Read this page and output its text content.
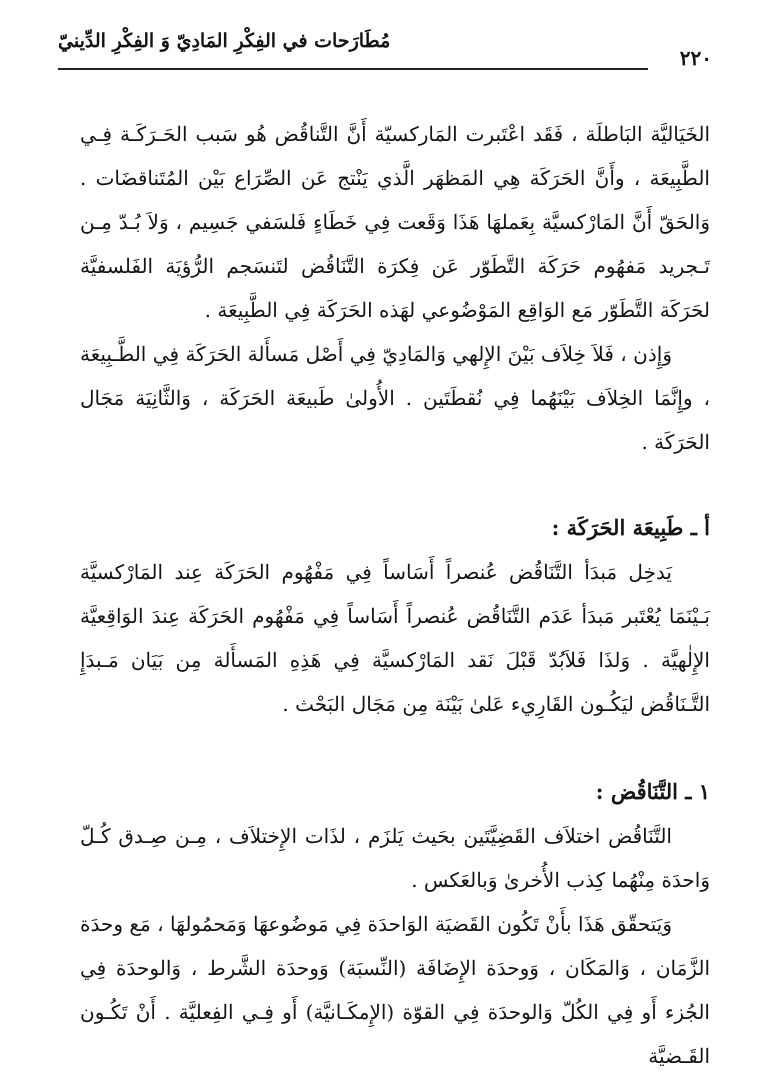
٢٢٠
مُطَارَحات في الفِكْرِ المَادِيّ وَ الفِكْرِ الدِّينيّ

الخَيَاليَّة البَاطلَة ، فَقَد اعْتَبرت المَاركسيّة أَنَّ التَّناقُض هُو سَبب الحَـرَكَـة فِـي الطَّبِيعَة ، وأَنَّ الحَرَكَة هِي المَظهَر الَّذي يَنْتج عَن الصِّرَاع بَيْن المُتَناقضَات . وَالحَقّ أَنَّ المَارْكسيَّة بِعَملهَا هَذَا وَقَعت فِي خَطَاءٍ فَلسَفي جَسِيم ، وَلاَ بُـدّ مِـن تَـجريد مَفهُوم حَرَكَة التَّطَوّر عَن فِكرَة التَّنَاقُض لتَنسَجم الرُّؤيَة الفَلسفيَّة لحَرَكَة التَّطَوّر مَع الوَاقِع المَوْضُوعي لهَذه الحَرَكَة فِي الطَّبِيعَة .

وَإِذن ، فَلاَ خِلاَف بَيْنَ الإِلهي وَالمَادِيّ فِي أَصْل مَسأَلة الحَرَكَة فِي الطَّـبِيعَة ، وإِنَّمَا الخِلاَف بَيْنَهُما فِي نُقطَتَين . الأُولىٰ طَبيعَة الحَرَكَة ، وَالثَّانِيَة مَجَال الحَرَكَة .

أ ـ طَبِيعَة الحَرَكَة :

يَدخِل مَبدَأ التَّنَاقُض عُنصراً أَسَاساً فِي مَفْهُوم الحَرَكَة عِند المَارْكسيَّة بَـيْنَمَا يُعْتَبر مَبدَأ عَدَم التَّنَاقُض عُنصراً أَسَاساً فِي مَفْهُوم الحَرَكَة عِندَ الوَاقِعيَّة الإِلٰهيَّة . وَلذَا فَلاَبُدّ قَبْلَ نَقد المَارْكسيَّة فِي هَذِهِ المَسأَلة مِن بَيَان مَـبدَإِ التَّـنَاقُض ليَكُـون القَارِيء عَلىٰ بَيْنَة مِن مَجَال البَحْث .

١ ـ التَّنَاقُض :

التَّنَاقُض اختلاَف القَضِيَّتَين بحَيث يَلزَم ، لذَات الإِختلاَف ، مِـن صِـدق كُـلّ وَاحدَة مِنْهُما كِذب الأُخرىٰ وَبالعَكس .

وَيَتحقّق هَذَا بأَنْ تَكُون القَضيَة الوَاحدَة فِي مَوضُوعهَا وَمَحمُولهَا ، مَع وحدَة الزَّمَان ، وَالمَكَان ، وَوحدَة الإِضَافَة (النِّسبَة) وَوحدَة الشَّرط ، وَالوحدَة فِي الجُزء أَو فِي الكُلّ وَالوحدَة فِي القوّة (الإِمكَـانيَّة) أَو فِـي الفِعليَّة . أَنْ تَكُـون القَـضيَّة
